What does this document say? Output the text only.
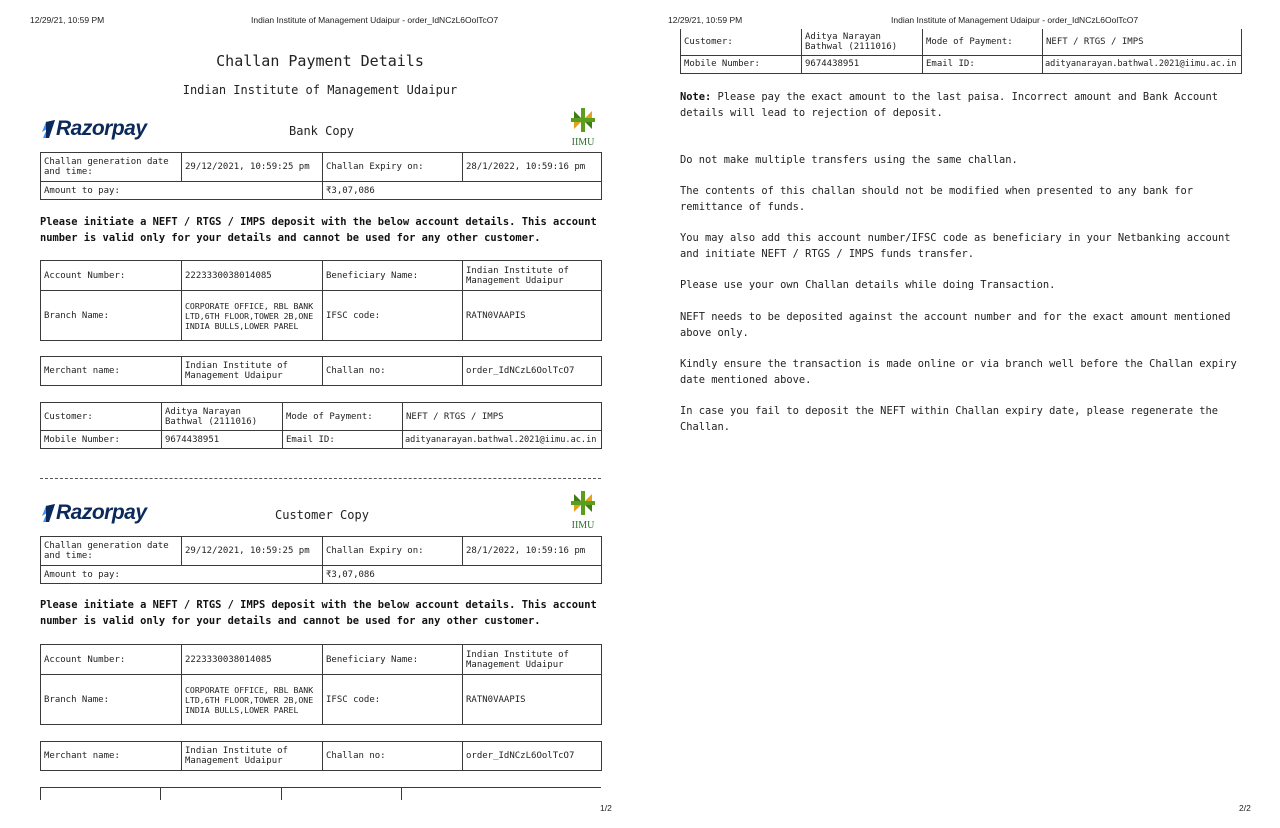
12/29/21, 10:59 PM	Indian Institute of Management Udaipur - order_IdNCzL6OolTcO7
Challan Payment Details
Indian Institute of Management Udaipur
Razorpay	Bank Copy
IIMU
Challan generation date and time:	29/12/2021, 10:59:25 pm	Challan Expiry on:	28/1/2022, 10:59:16 pm
Amount to pay:		₹3,07,086	
Please initiate a NEFT / RTGS / IMPS deposit with the below account details. This account number is valid only for your details and cannot be used for any other customer.
Account Number:	2223330038014085	Beneficiary Name:	Indian Institute of Management Udaipur
Branch Name:	CORPORATE OFFICE, RBL BANK LTD,6TH FLOOR,TOWER 2B,ONE INDIA BULLS,LOWER PAREL	IFSC code:	RATN0VAAPIS
Merchant name:	Indian Institute of Management Udaipur	Challan no:	order_IdNCzL6OolTcO7
Customer:	Aditya Narayan Bathwal (2111016)	Mode of Payment:	NEFT / RTGS / IMPS
Mobile Number:	9674438951	Email ID:	adityanarayan.bathwal.2021@iimu.ac.in
Razorpay	Customer Copy
IIMU
Challan generation date and time:	29/12/2021, 10:59:25 pm	Challan Expiry on:	28/1/2022, 10:59:16 pm
Amount to pay:		₹3,07,086	
Please initiate a NEFT / RTGS / IMPS deposit with the below account details. This account number is valid only for your details and cannot be used for any other customer.
Account Number:	2223330038014085	Beneficiary Name:	Indian Institute of Management Udaipur
Branch Name:	CORPORATE OFFICE, RBL BANK LTD,6TH FLOOR,TOWER 2B,ONE INDIA BULLS,LOWER PAREL	IFSC code:	RATN0VAAPIS
Merchant name:	Indian Institute of Management Udaipur	Challan no:	order_IdNCzL6OolTcO7
1/2
12/29/21, 10:59 PM	Indian Institute of Management Udaipur - order_IdNCzL6OolTcO7
Customer:	Aditya Narayan Bathwal (2111016)	Mode of Payment:	NEFT / RTGS / IMPS
Mobile Number:	9674438951	Email ID:	adityanarayan.bathwal.2021@iimu.ac.in
Note: Please pay the exact amount to the last paisa. Incorrect amount and Bank Account details will lead to rejection of deposit.
Do not make multiple transfers using the same challan.
The contents of this challan should not be modified when presented to any bank for remittance of funds.
You may also add this account number/IFSC code as beneficiary in your Netbanking account and initiate NEFT / RTGS / IMPS funds transfer.
Please use your own Challan details while doing Transaction.
NEFT needs to be deposited against the account number and for the exact amount mentioned above only.
Kindly ensure the transaction is made online or via branch well before the Challan expiry date mentioned above.
In case you fail to deposit the NEFT within Challan expiry date, please regenerate the Challan.
2/2
